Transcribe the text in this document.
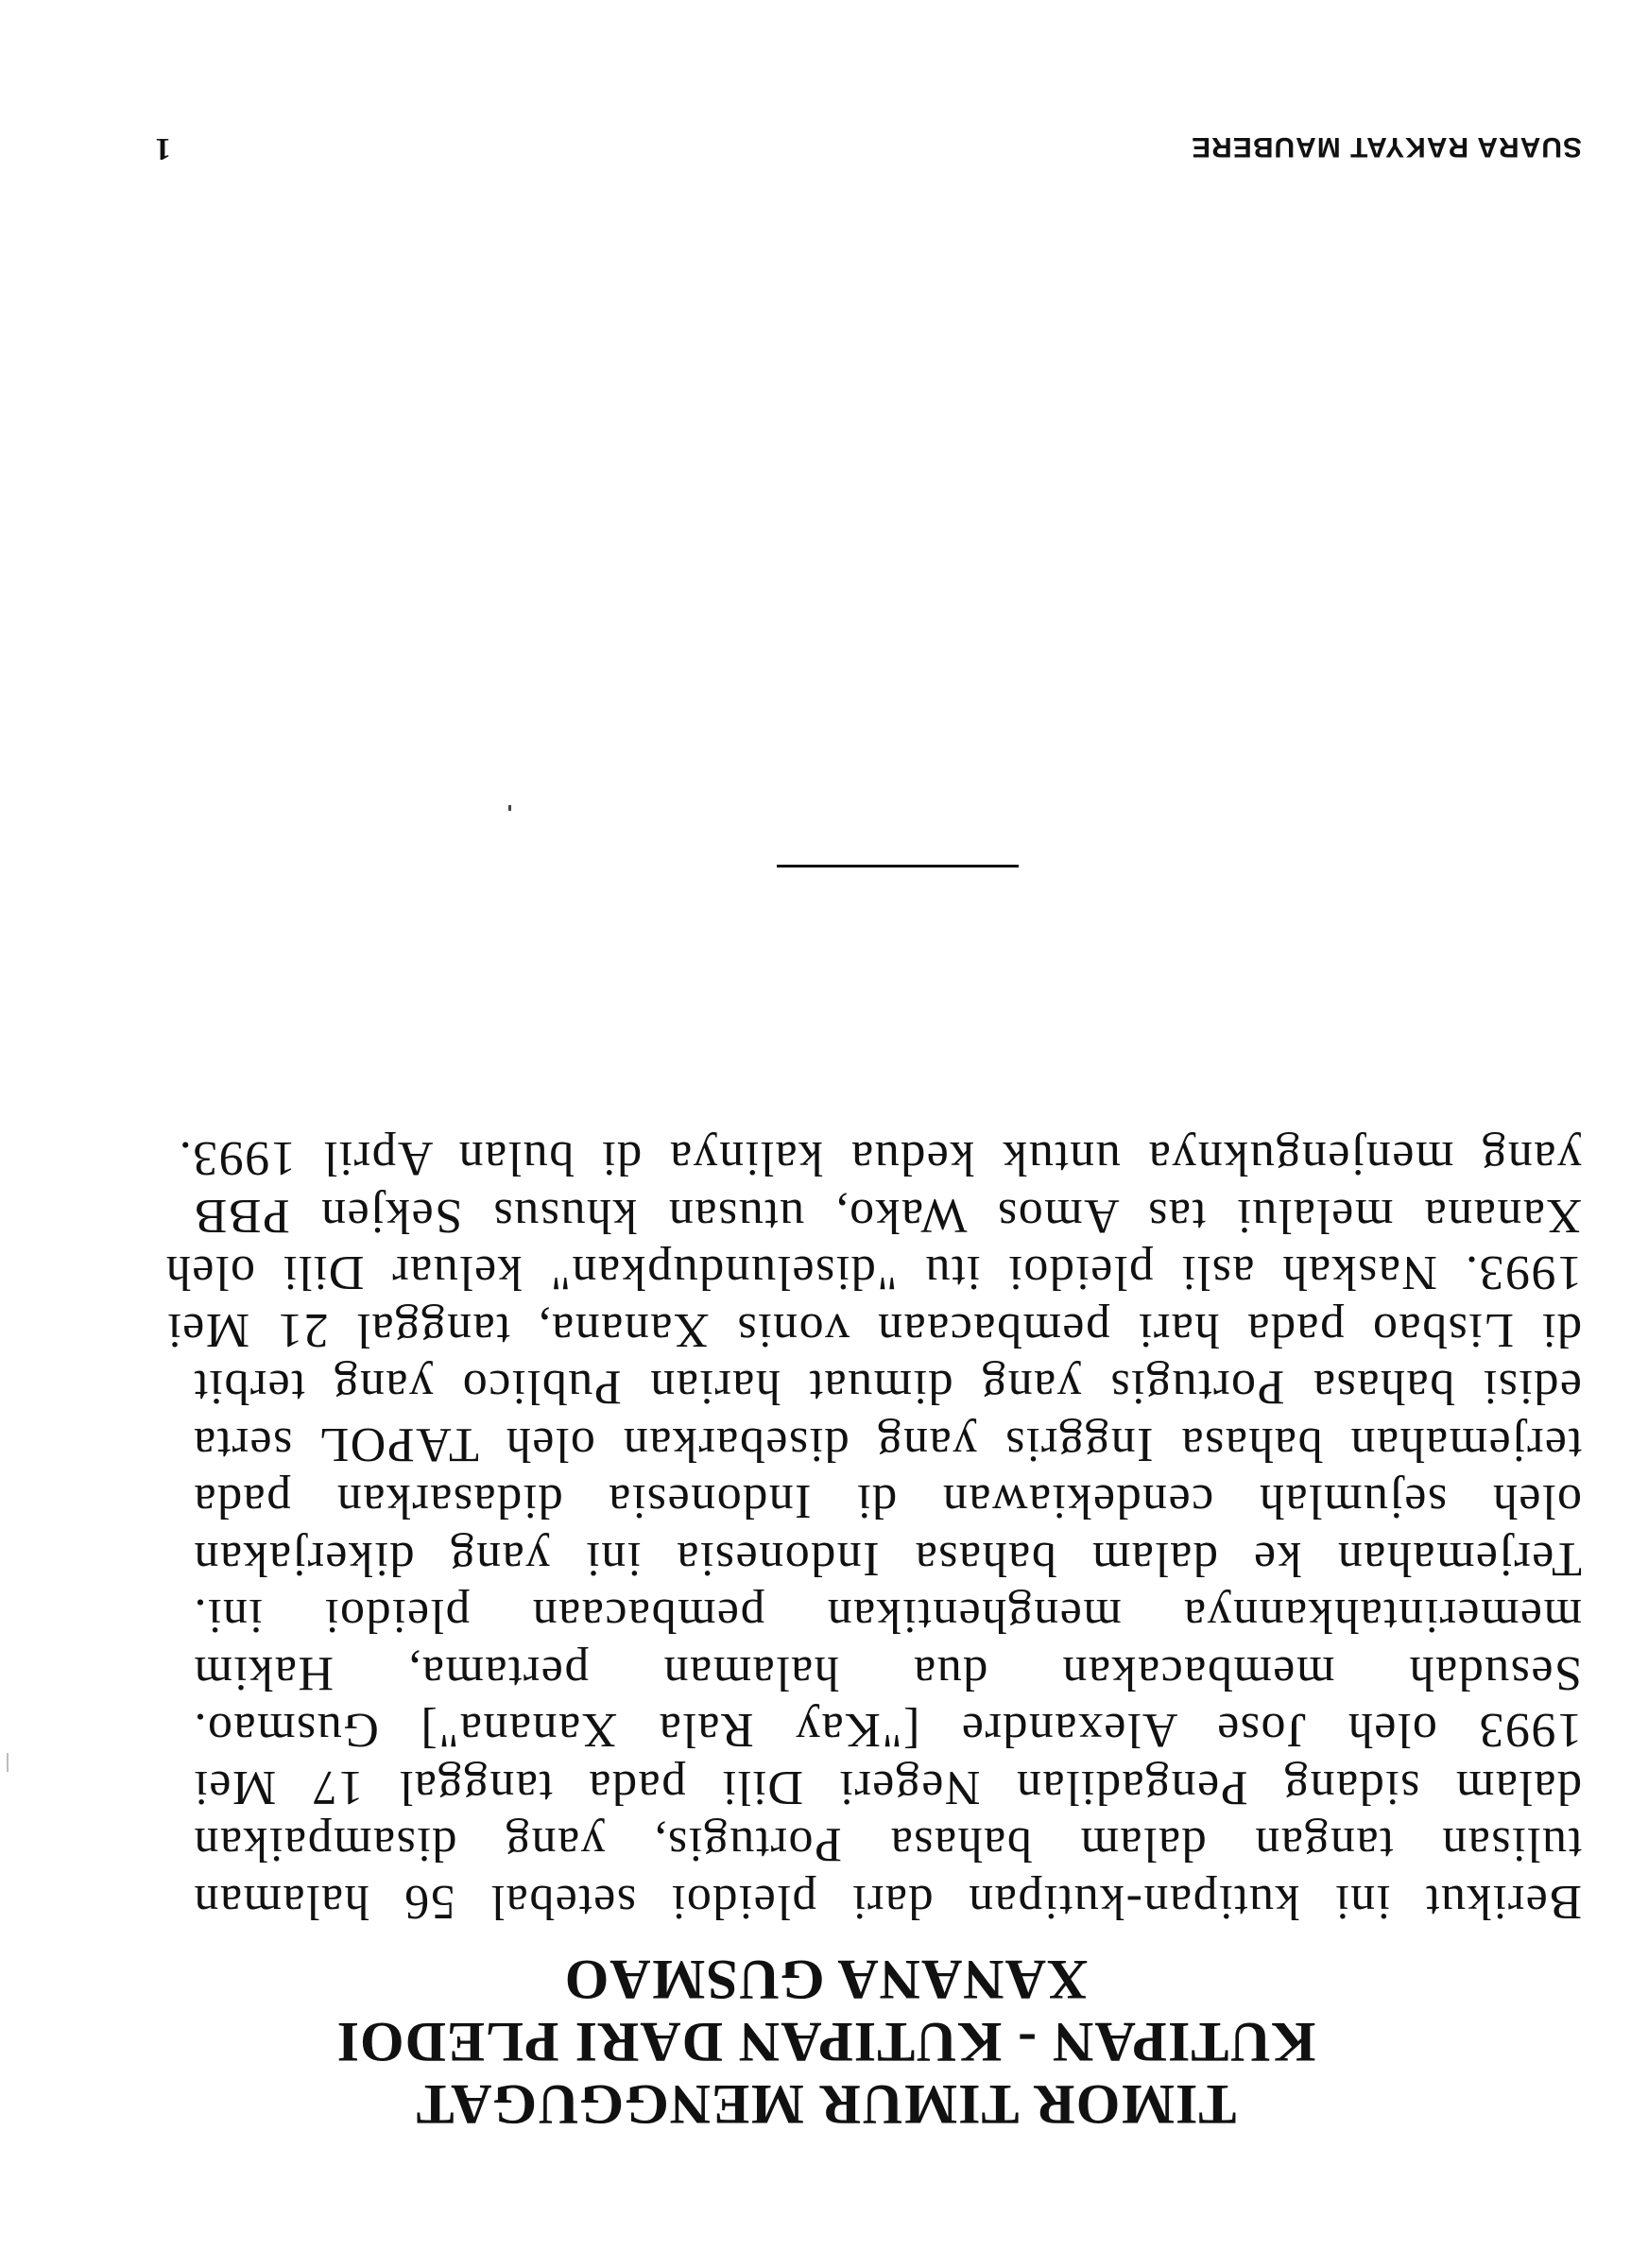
TIMOR TIMUR MENGGUGAT
KUTIPAN - KUTIPAN DARI PLEDOI
XANANA GUSMAO
Berikut ini kutipan-kutipan dari pleidoi setebal 56 halaman
tulisan tangan dalam bahasa Portugis, yang disampaikan
dalam sidang Pengadilan Negeri Dili pada tanggal 17 Mei
1993 oleh Jose Alexandre ["Kay Rala Xanana"] Gusmao.
Sesudah membacakan dua halaman pertama, Hakim
memerintahkannya menghentikan pembacaan pleidoi ini.
Terjemahan ke dalam bahasa Indonesia ini yang dikerjakan
oleh sejumlah cendekiawan di Indonesia didasarkan pada
terjemahan bahasa Inggris yang disebarkan oleh TAPOL serta
edisi bahasa Portugis yang dimuat harian Publico yang terbit
di Lisbao pada hari pembacaan vonis Xanana, tanggal 21 Mei
1993. Naskah asli pleidoi itu "diselundupkan" keluar Dili oleh
Xanana melalui tas Amos Wako, utusan khusus Sekjen PBB
yang menjenguknya untuk kedua kalinya di bulan April 1993.
SUARA RAKYAT MAUBERE
1
